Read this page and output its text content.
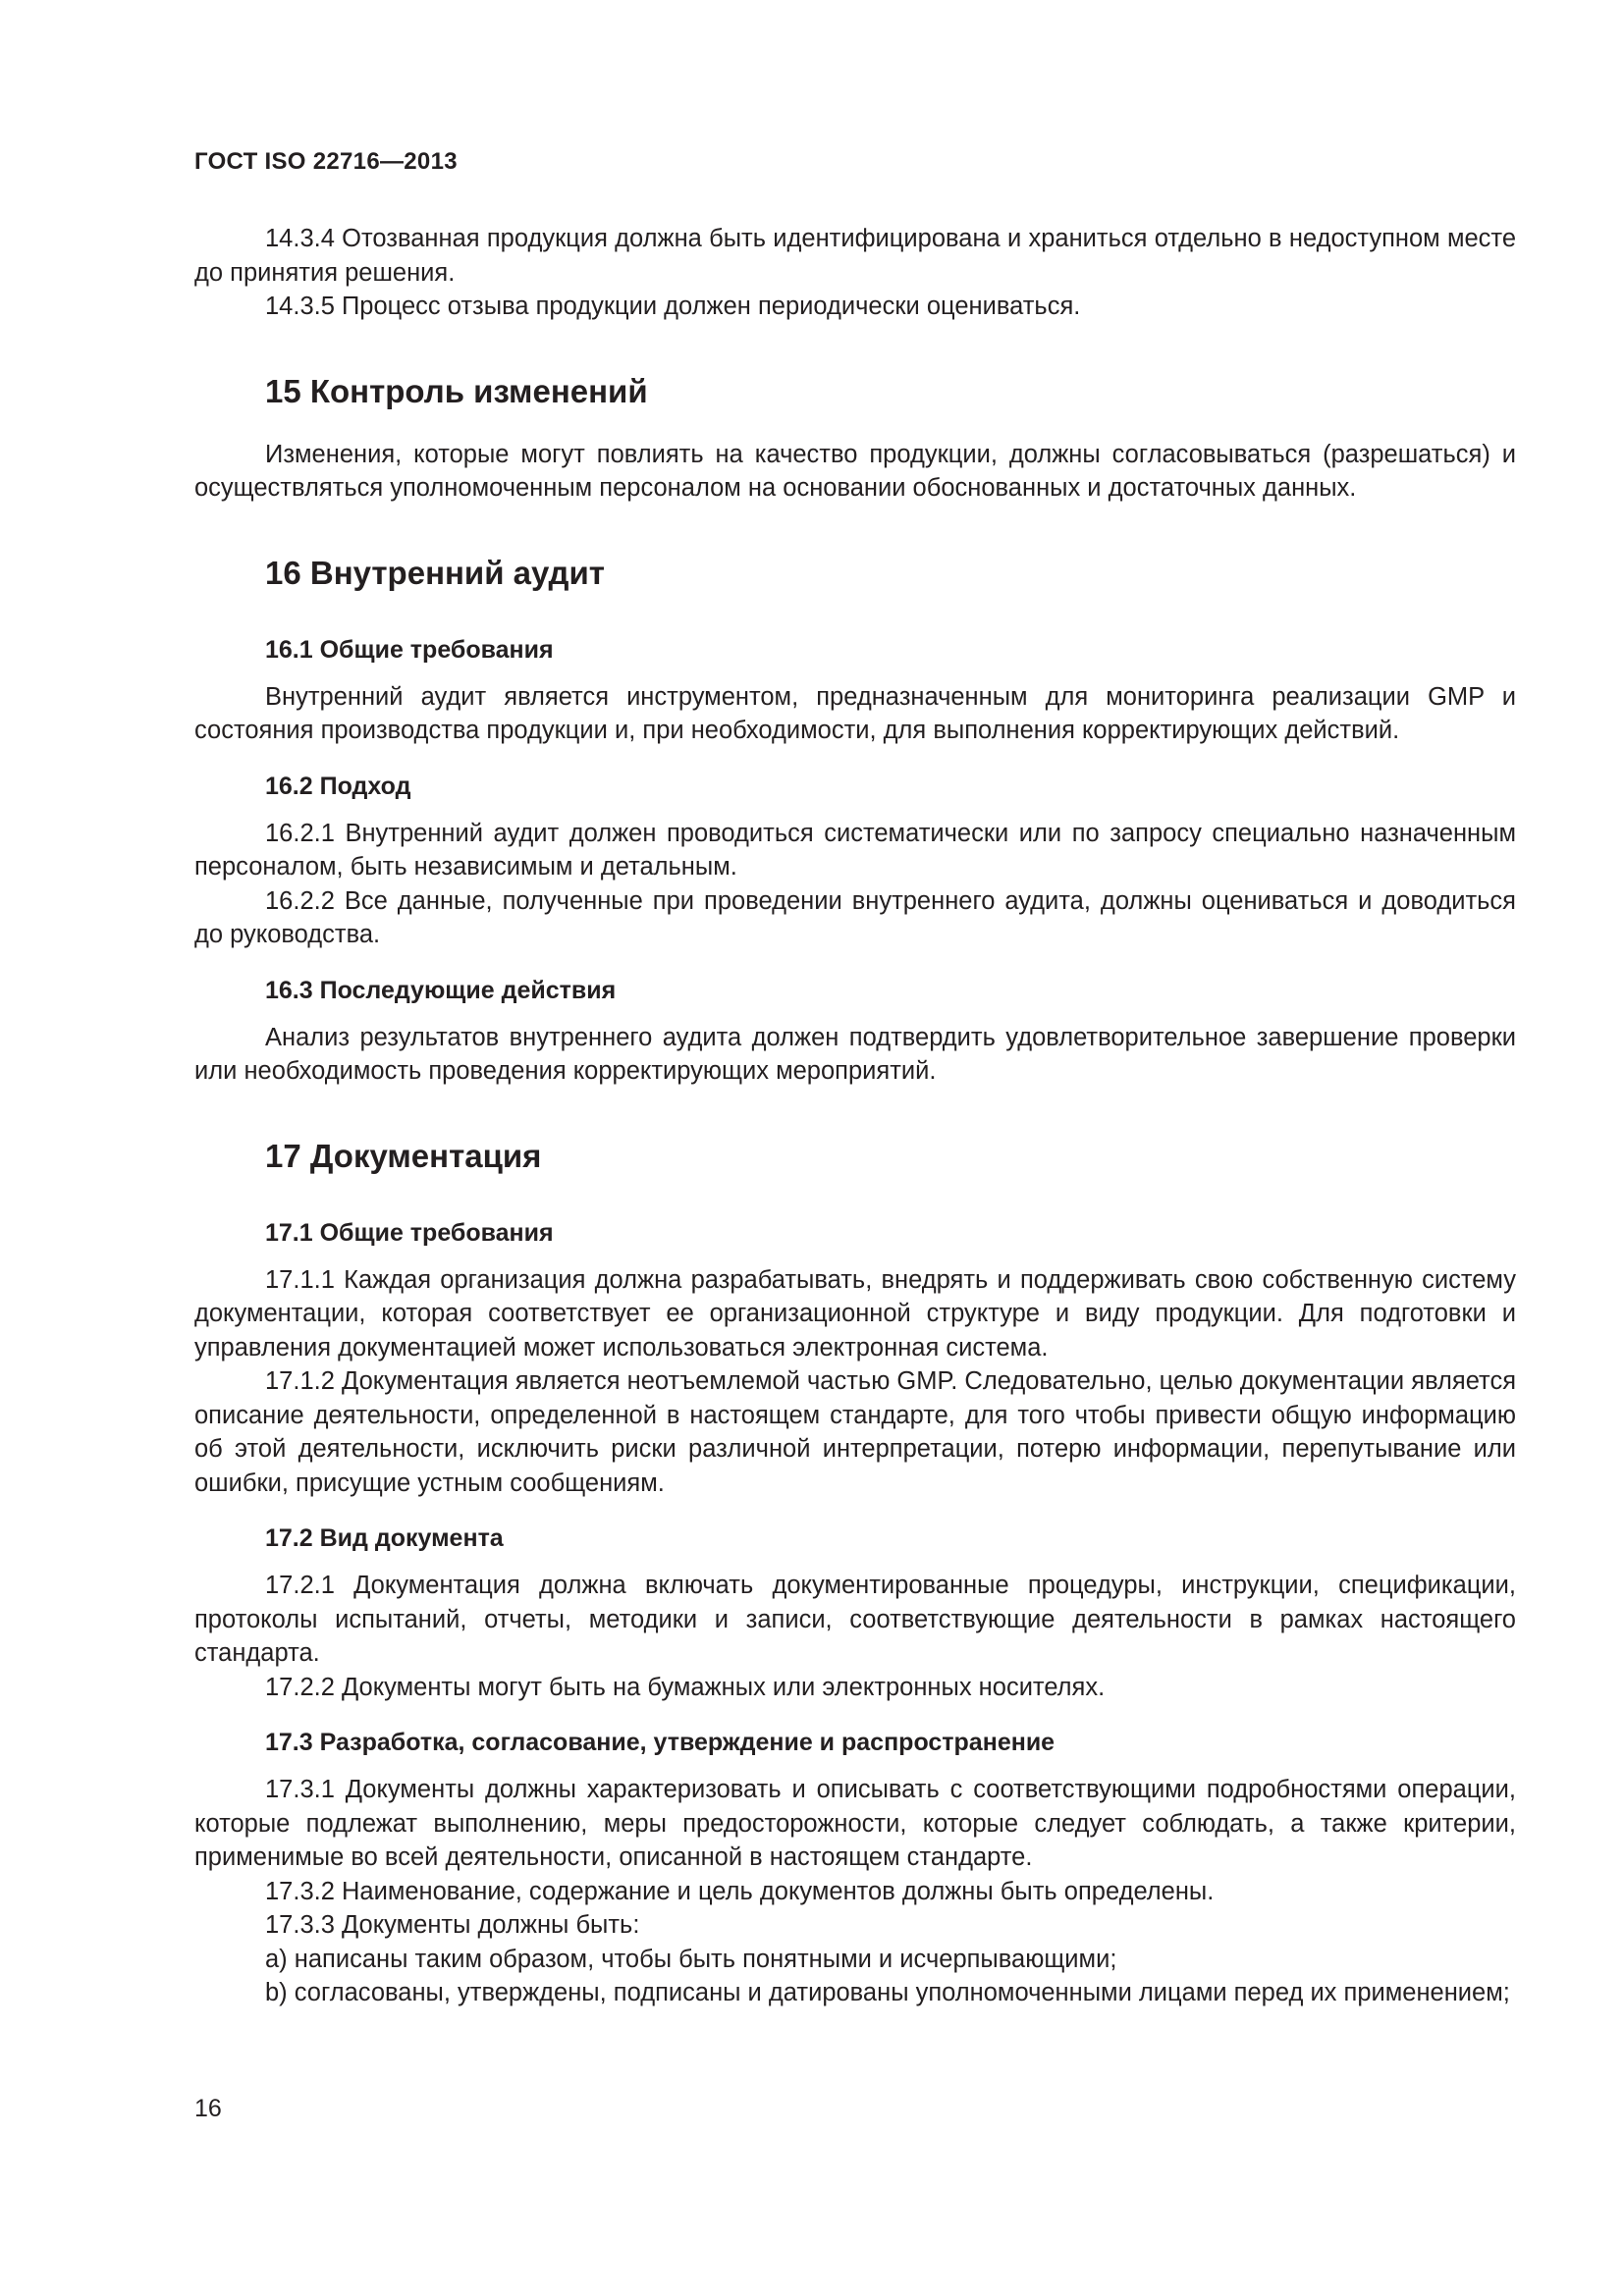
ГОСТ ISO 22716—2013

14.3.4 Отозванная продукция должна быть идентифицирована и храниться отдельно в недоступном месте до принятия решения.

14.3.5 Процесс отзыва продукции должен периодически оцениваться.

15 Контроль изменений

Изменения, которые могут повлиять на качество продукции, должны согласовываться (разрешаться) и осуществляться уполномоченным персоналом на основании обоснованных и достаточных данных.

16 Внутренний аудит
16.1 Общие требования

Внутренний аудит является инструментом, предназначенным для мониторинга реализации GMP и состояния производства продукции и, при необходимости, для выполнения корректирующих действий.

16.2 Подход

16.2.1 Внутренний аудит должен проводиться систематически или по запросу специально назначенным персоналом, быть независимым и детальным.

16.2.2 Все данные, полученные при проведении внутреннего аудита, должны оцениваться и доводиться до руководства.

16.3 Последующие действия

Анализ результатов внутреннего аудита должен подтвердить удовлетворительное завершение проверки или необходимость проведения корректирующих мероприятий.

17 Документация
17.1 Общие требования

17.1.1 Каждая организация должна разрабатывать, внедрять и поддерживать свою собственную систему документации, которая соответствует ее организационной структуре и виду продукции. Для подготовки и управления документацией может использоваться электронная система.

17.1.2 Документация является неотъемлемой частью GMP. Следовательно, целью документации является описание деятельности, определенной в настоящем стандарте, для того чтобы привести общую информацию об этой деятельности, исключить риски различной интерпретации, потерю информации, перепутывание или ошибки, присущие устным сообщениям.

17.2 Вид документа

17.2.1 Документация должна включать документированные процедуры, инструкции, спецификации, протоколы испытаний, отчеты, методики и записи, соответствующие деятельности в рамках настоящего стандарта.

17.2.2 Документы могут быть на бумажных или электронных носителях.

17.3 Разработка, согласование, утверждение и распространение

17.3.1 Документы должны характеризовать и описывать с соответствующими подробностями операции, которые подлежат выполнению, меры предосторожности, которые следует соблюдать, а также критерии, применимые во всей деятельности, описанной в настоящем стандарте.

17.3.2 Наименование, содержание и цель документов должны быть определены.

17.3.3 Документы должны быть:

a) написаны таким образом, чтобы быть понятными и исчерпывающими;

b) согласованы, утверждены, подписаны и датированы уполномоченными лицами перед их применением;

16
